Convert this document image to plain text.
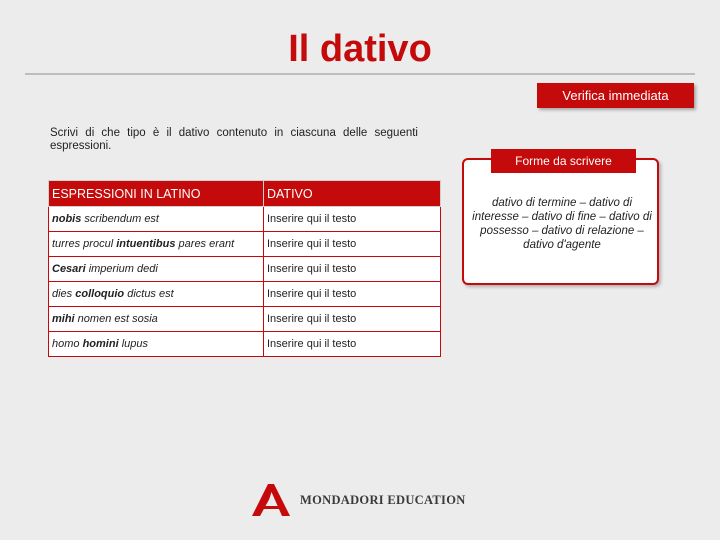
Il dativo
Verifica immediata
Scrivi di che tipo è il dativo contenuto in ciascuna delle seguenti espressioni.
ESPRESSIONI IN LATINO	DATIVO
nobis scribendum est	Inserire qui il testo
turres procul intuentibus pares erant	Inserire qui il testo
Cesari imperium dedi	Inserire qui il testo
dies colloquio dictus est	Inserire qui il testo
mihi nomen est sosia	Inserire qui il testo
homo homini lupus	Inserire qui il testo
Forme da scrivere
dativo di termine – dativo di interesse – dativo di fine – dativo di possesso – dativo di relazione – dativo d'agente
MONDADORI EDUCATION
